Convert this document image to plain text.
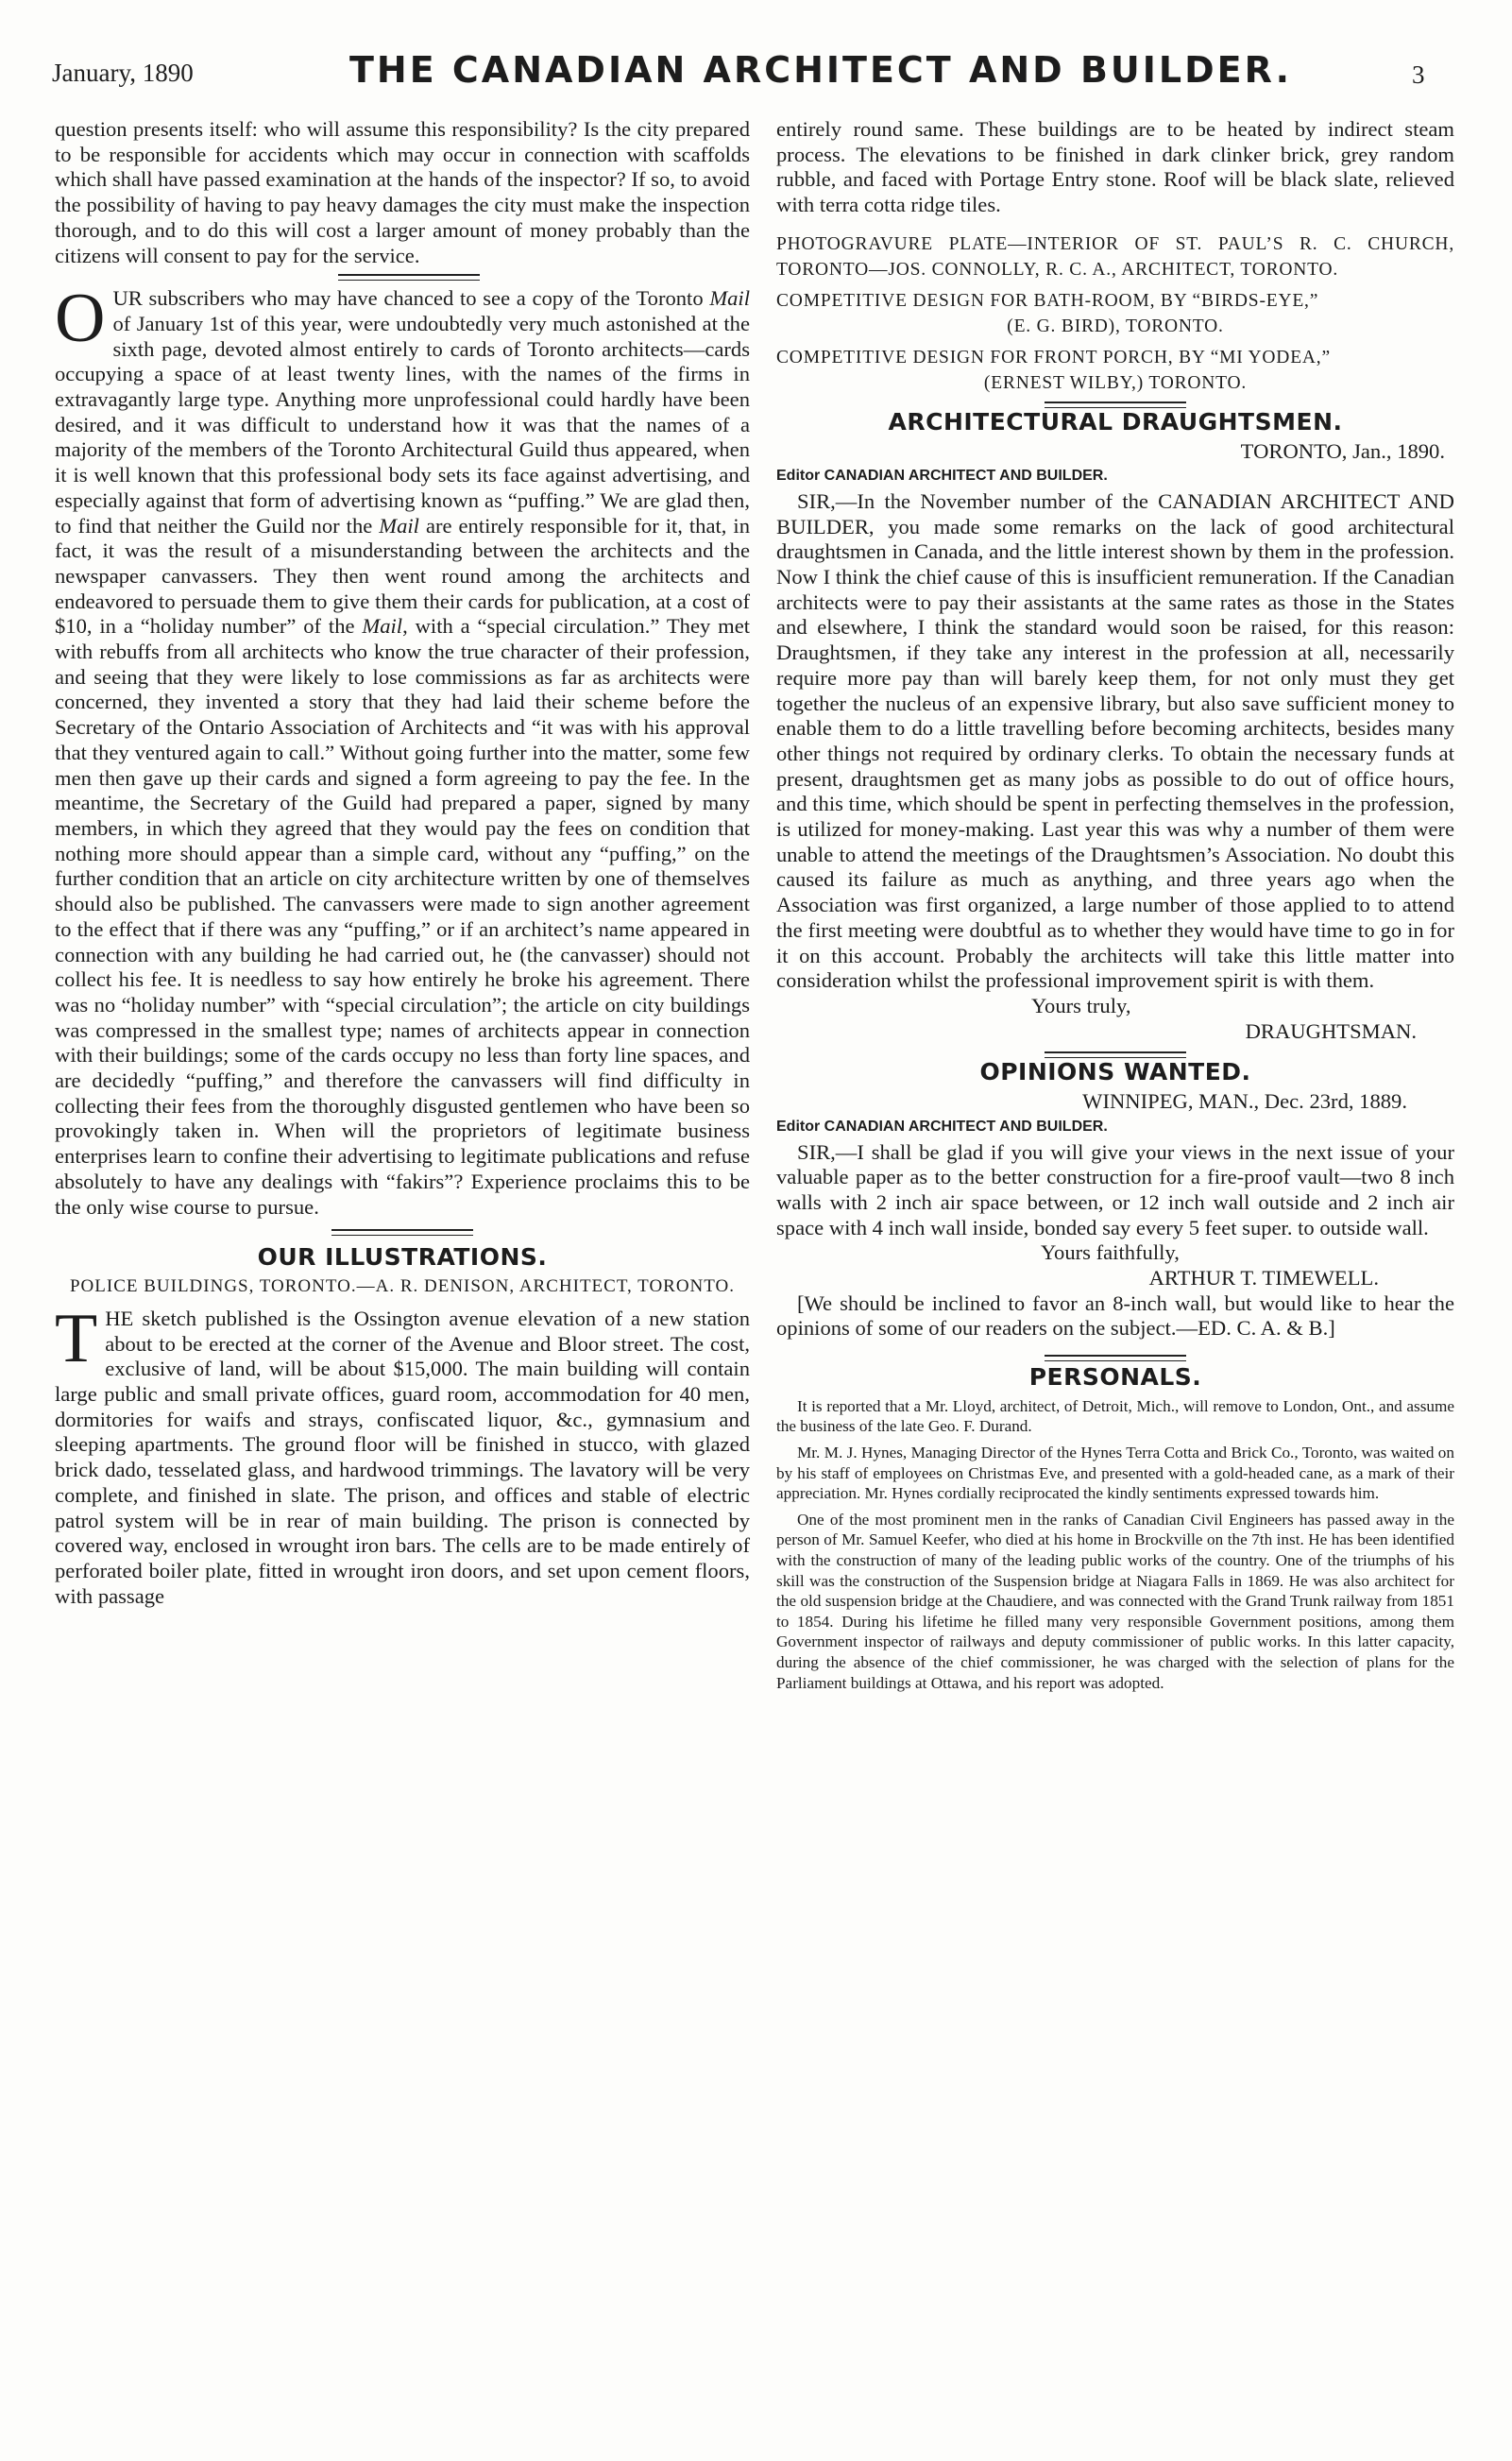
January, 1890	THE CANADIAN ARCHITECT AND BUILDER.	3

question presents itself: who will assume this responsibility? Is the city prepared to be responsible for accidents which may occur in connection with scaffolds which shall have passed examination at the hands of the inspector? If so, to avoid the possibility of having to pay heavy damages the city must make the inspection thorough, and to do this will cost a larger amount of money probably than the citizens will consent to pay for the service.

OUR subscribers who may have chanced to see a copy of the Toronto Mail of January 1st of this year, were undoubtedly very much astonished at the sixth page, devoted almost entirely to cards of Toronto architects—cards occupying a space of at least twenty lines, with the names of the firms in extravagantly large type. Anything more unprofessional could hardly have been desired, and it was difficult to understand how it was that the names of a majority of the members of the Toronto Architectural Guild thus appeared, when it is well known that this professional body sets its face against advertising, and especially against that form of advertising known as “puffing.” We are glad then, to find that neither the Guild nor the Mail are entirely responsible for it, that, in fact, it was the result of a misunderstanding between the architects and the newspaper canvassers. They then went round among the architects and endeavored to persuade them to give them their cards for publication, at a cost of $10, in a “holiday number” of the Mail, with a “special circulation.” They met with rebuffs from all architects who know the true character of their profession, and seeing that they were likely to lose commissions as far as architects were concerned, they invented a story that they had laid their scheme before the Secretary of the Ontario Association of Architects and “it was with his approval that they ventured again to call.” Without going further into the matter, some few men then gave up their cards and signed a form agreeing to pay the fee. In the meantime, the Secretary of the Guild had prepared a paper, signed by many members, in which they agreed that they would pay the fees on condition that nothing more should appear than a simple card, without any “puffing,” on the further condition that an article on city architecture written by one of themselves should also be published. The canvassers were made to sign another agreement to the effect that if there was any “puffing,” or if an architect’s name appeared in connection with any building he had carried out, he (the canvasser) should not collect his fee. It is needless to say how entirely he broke his agreement. There was no “holiday number” with “special circulation”; the article on city buildings was compressed in the smallest type; names of architects appear in connection with their buildings; some of the cards occupy no less than forty line spaces, and are decidedly “puffing,” and therefore the canvassers will find difficulty in collecting their fees from the thoroughly disgusted gentlemen who have been so provokingly taken in. When will the proprietors of legitimate business enterprises learn to confine their advertising to legitimate publications and refuse absolutely to have any dealings with “fakirs”? Experience proclaims this to be the only wise course to pursue.

OUR ILLUSTRATIONS.
POLICE BUILDINGS, TORONTO.—A. R. DENISON, ARCHITECT, TORONTO.

THE sketch published is the Ossington avenue elevation of a new station about to be erected at the corner of the Avenue and Bloor street. The cost, exclusive of land, will be about $15,000. The main building will contain large public and small private offices, guard room, accommodation for 40 men, dormitories for waifs and strays, confiscated liquor, &c., gymnasium and sleeping apartments. The ground floor will be finished in stucco, with glazed brick dado, tesselated glass, and hardwood trimmings. The lavatory will be very complete, and finished in slate. The prison, and offices and stable of electric patrol system will be in rear of main building. The prison is connected by covered way, enclosed in wrought iron bars. The cells are to be made entirely of perforated boiler plate, fitted in wrought iron doors, and set upon cement floors, with passage

entirely round same. These buildings are to be heated by indirect steam process. The elevations to be finished in dark clinker brick, grey random rubble, and faced with Portage Entry stone. Roof will be black slate, relieved with terra cotta ridge tiles.

PHOTOGRAVURE PLATE—INTERIOR OF ST. PAUL’S R. C. CHURCH, TORONTO—JOS. CONNOLLY, R. C. A., ARCHITECT, TORONTO.
COMPETITIVE DESIGN FOR BATH-ROOM, BY “BIRDS-EYE,”
(E. G. BIRD), TORONTO.
COMPETITIVE DESIGN FOR FRONT PORCH, BY “MI YODEA,”
(ERNEST WILBY,) TORONTO.
ARCHITECTURAL DRAUGHTSMEN.

TORONTO, Jan., 1890.

Editor CANADIAN ARCHITECT AND BUILDER.

SIR,—In the November number of the CANADIAN ARCHITECT AND BUILDER, you made some remarks on the lack of good architectural draughtsmen in Canada, and the little interest shown by them in the profession. Now I think the chief cause of this is insufficient remuneration. If the Canadian architects were to pay their assistants at the same rates as those in the States and elsewhere, I think the standard would soon be raised, for this reason: Draughtsmen, if they take any interest in the profession at all, necessarily require more pay than will barely keep them, for not only must they get together the nucleus of an expensive library, but also save sufficient money to enable them to do a little travelling before becoming architects, besides many other things not required by ordinary clerks. To obtain the necessary funds at present, draughtsmen get as many jobs as possible to do out of office hours, and this time, which should be spent in perfecting themselves in the profession, is utilized for money-making. Last year this was why a number of them were unable to attend the meetings of the Draughtsmen’s Association. No doubt this caused its failure as much as anything, and three years ago when the Association was first organized, a large number of those applied to to attend the first meeting were doubtful as to whether they would have time to go in for it on this account. Probably the architects will take this little matter into consideration whilst the professional improvement spirit is with them.

Yours truly,

DRAUGHTSMAN.

OPINIONS WANTED.

WINNIPEG, MAN., Dec. 23rd, 1889.

Editor CANADIAN ARCHITECT AND BUILDER.

SIR,—I shall be glad if you will give your views in the next issue of your valuable paper as to the better construction for a fire-proof vault—two 8 inch walls with 2 inch air space between, or 12 inch wall outside and 2 inch air space with 4 inch wall inside, bonded say every 5 feet super. to outside wall.

Yours faithfully,

ARTHUR T. TIMEWELL.

[We should be inclined to favor an 8-inch wall, but would like to hear the opinions of some of our readers on the subject.—ED. C. A. & B.]

PERSONALS.

It is reported that a Mr. Lloyd, architect, of Detroit, Mich., will remove to London, Ont., and assume the business of the late Geo. F. Durand.

Mr. M. J. Hynes, Managing Director of the Hynes Terra Cotta and Brick Co., Toronto, was waited on by his staff of employees on Christmas Eve, and presented with a gold-headed cane, as a mark of their appreciation. Mr. Hynes cordially reciprocated the kindly sentiments expressed towards him.

One of the most prominent men in the ranks of Canadian Civil Engineers has passed away in the person of Mr. Samuel Keefer, who died at his home in Brockville on the 7th inst. He has been identified with the construction of many of the leading public works of the country. One of the triumphs of his skill was the construction of the Suspension bridge at Niagara Falls in 1869. He was also architect for the old suspension bridge at the Chaudiere, and was connected with the Grand Trunk railway from 1851 to 1854. During his lifetime he filled many very responsible Government positions, among them Government inspector of railways and deputy commissioner of public works. In this latter capacity, during the absence of the chief commissioner, he was charged with the selection of plans for the Parliament buildings at Ottawa, and his report was adopted.
